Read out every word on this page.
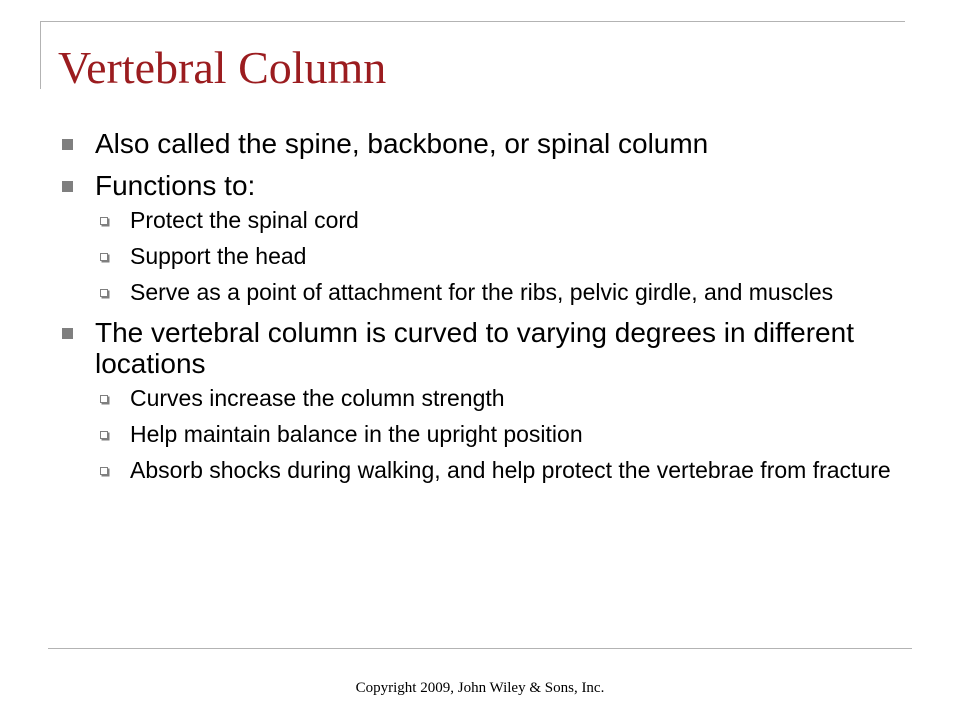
Vertebral Column
Also called the spine, backbone, or spinal column
Functions to:
Protect the spinal cord
Support the head
Serve as a point of attachment for the ribs, pelvic girdle, and muscles
The vertebral column is curved to varying degrees in different locations
Curves increase the column strength
Help maintain balance in the upright position
Absorb shocks during walking, and help protect the vertebrae from fracture
Copyright 2009, John Wiley & Sons, Inc.
